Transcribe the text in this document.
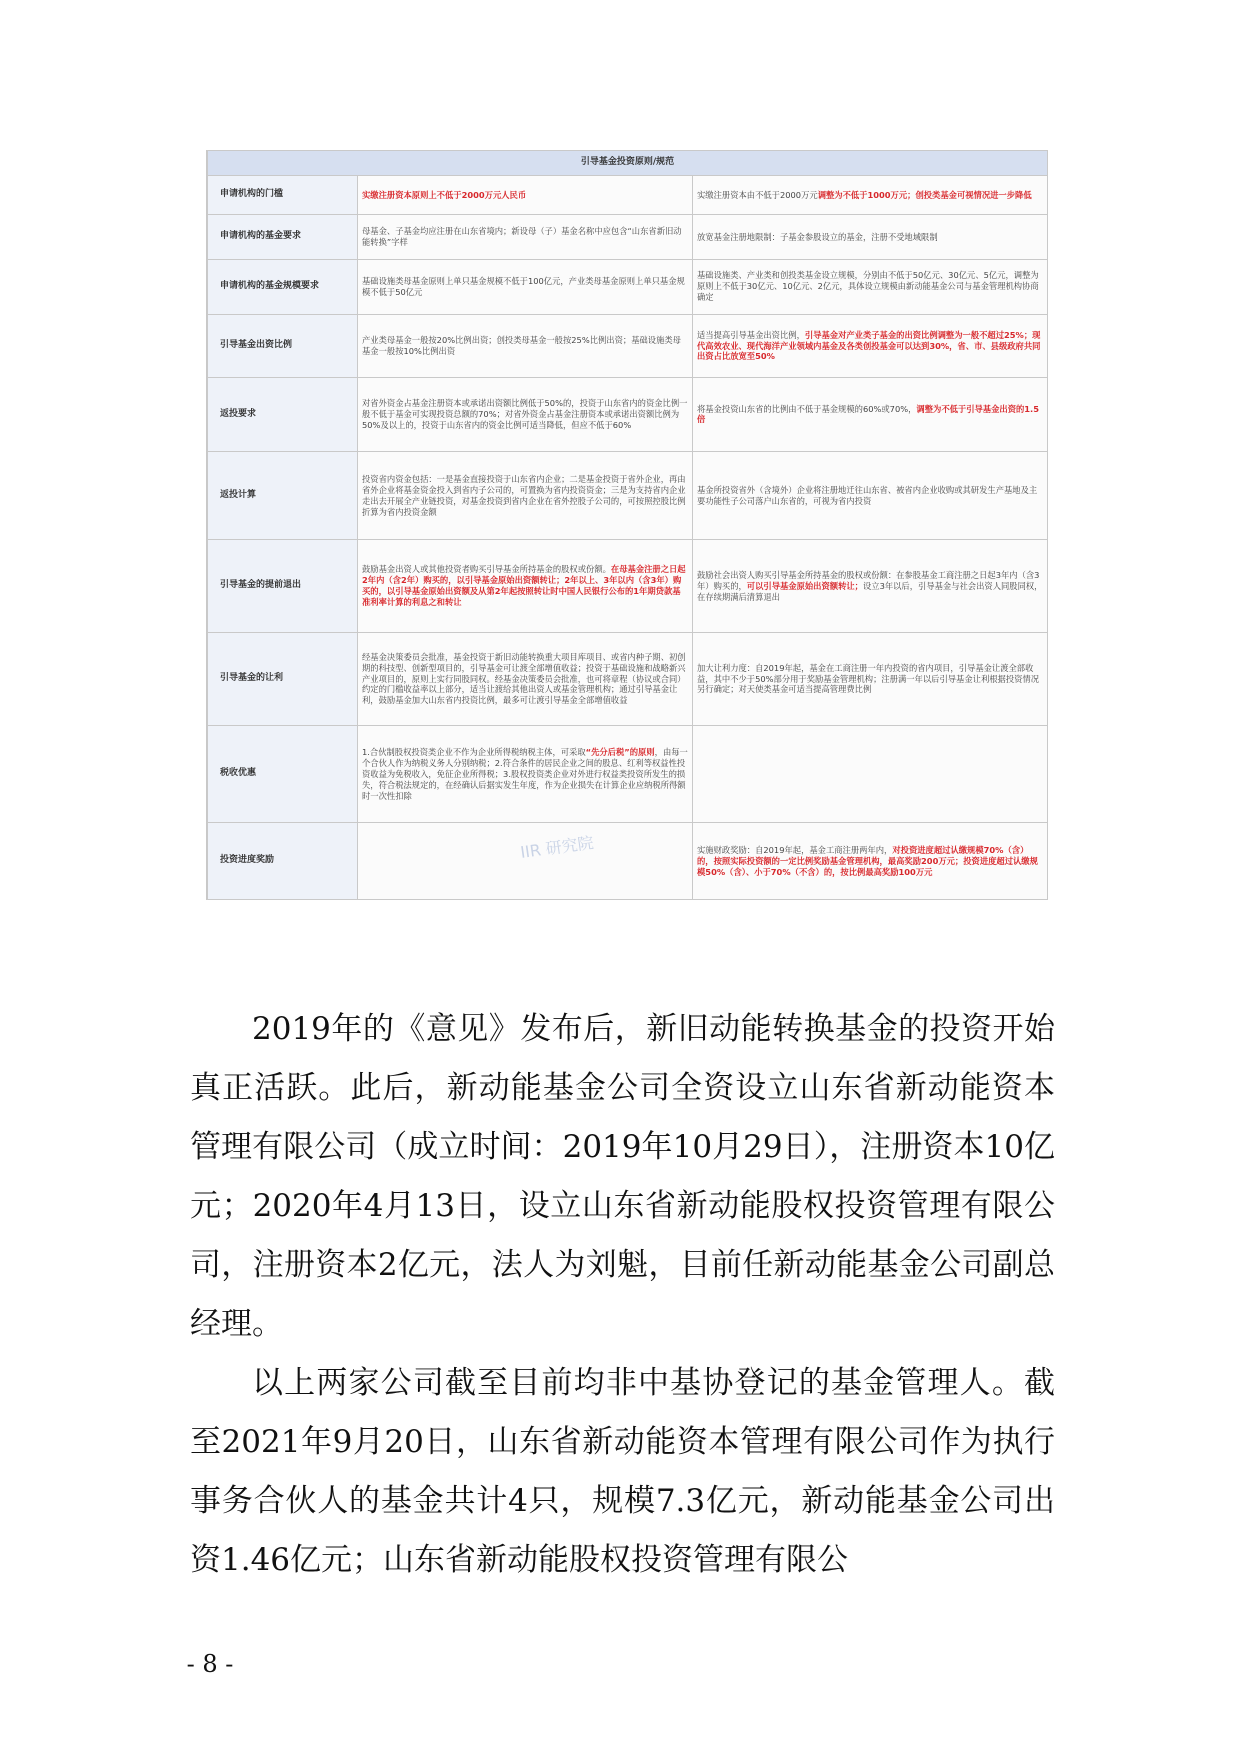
引导基金投资原则/规范		
申请机构的门槛	实缴注册资本原则上不低于2000万元人民币	实缴注册资本由不低于2000万元调整为不低于1000万元；创投类基金可视情况进一步降低

申请机构的基金要求	母基金、子基金均应注册在山东省境内；新设母（子）基金名称中应包含“山东省新旧动能转换”字样	放宽基金注册地限制：子基金参股设立的基金，注册不受地域限制

申请机构的基金规模要求	基础设施类母基金原则上单只基金规模不低于100亿元，产业类母基金原则上单只基金规模不低于50亿元	基础设施类、产业类和创投类基金设立规模，分别由不低于50亿元、30亿元、5亿元，调整为原则上不低于30亿元、10亿元、2亿元，具体设立规模由新动能基金公司与基金管理机构协商确定

引导基金出资比例	产业类母基金一般按20%比例出资；创投类母基金一般按25%比例出资；基础设施类母基金一般按10%比例出资	适当提高引导基金出资比例，引导基金对产业类子基金的出资比例调整为一般不超过25%；现代高效农业、现代海洋产业领域内基金及各类创投基金可以达到30%，省、市、县级政府共同出资占比放宽至50%

返投要求	对省外资金占基金注册资本或承诺出资额比例低于50%的，投资于山东省内的资金比例一般不低于基金可实现投资总额的70%；对省外资金占基金注册资本或承诺出资额比例为50%及以上的，投资于山东省内的资金比例可适当降低，但应不低于60%	将基金投资山东省的比例由不低于基金规模的60%或70%，调整为不低于引导基金出资的1.5倍

返投计算	投资省内资金包括：一是基金直接投资于山东省内企业；二是基金投资于省外企业，再由省外企业将基金资金投入到省内子公司的，可置换为省内投资资金；三是为支持省内企业走出去开展全产业链投资，对基金投资到省内企业在省外控股子公司的，可按照控股比例折算为省内投资金额	基金所投资省外（含境外）企业将注册地迁往山东省、被省内企业收购或其研发生产基地及主要功能性子公司落户山东省的，可视为省内投资

引导基金的提前退出	鼓励基金出资人或其他投资者购买引导基金所持基金的股权或份额。在母基金注册之日起2年内（含2年）购买的，以引导基金原始出资额转让；2年以上、3年以内（含3年）购买的，以引导基金原始出资额及从第2年起按照转让时中国人民银行公布的1年期贷款基准利率计算的利息之和转让	鼓励社会出资人购买引导基金所持基金的股权或份额：在参股基金工商注册之日起3年内（含3年）购买的，可以引导基金原始出资额转让；设立3年以后，引导基金与社会出资人同股同权，在存续期满后清算退出

引导基金的让利	经基金决策委员会批准，基金投资于新旧动能转换重大项目库项目、或省内种子期、初创期的科技型、创新型项目的，引导基金可让渡全部增值收益；投资于基础设施和战略新兴产业项目的，原则上实行同股同权。经基金决策委员会批准，也可将章程（协议或合同）约定的门槛收益率以上部分，适当让渡给其他出资人或基金管理机构；通过引导基金让利，鼓励基金加大山东省内投资比例，最多可让渡引导基金全部增值收益	加大让利力度：自2019年起，基金在工商注册一年内投资的省内项目，引导基金让渡全部收益，其中不少于50%部分用于奖励基金管理机构；注册满一年以后引导基金让利根据投资情况另行确定；对天使类基金可适当提高管理费比例

税收优惠	1.合伙制股权投资类企业不作为企业所得税纳税主体，可采取“先分后税”的原则，由每一个合伙人作为纳税义务人分别纳税；2.符合条件的居民企业之间的股息、红利等权益性投资收益为免税收入，免征企业所得税；3.股权投资类企业对外进行权益类投资所发生的损失，符合税法规定的，在经确认后据实发生年度，作为企业损失在计算企业应纳税所得额时一次性扣除	

投资进度奖励		实施财政奖励：自2019年起，基金工商注册两年内，对投资进度超过认缴规模70%（含）的，按照实际投资额的一定比例奖励基金管理机构，最高奖励200万元；投资进度超过认缴规模50%（含）、小于70%（不含）的，按比例最高奖励100万元

IIR 研究院

2019年的《意见》发布后，新旧动能转换基金的投资开始真正活跃。此后，新动能基金公司全资设立山东省新动能资本管理有限公司（成立时间：2019年10月29日），注册资本10亿元；2020年4月13日，设立山东省新动能股权投资管理有限公司，注册资本2亿元，法人为刘魁，目前任新动能基金公司副总经理。

以上两家公司截至目前均非中基协登记的基金管理人。截至2021年9月20日，山东省新动能资本管理有限公司作为执行事务合伙人的基金共计4只，规模7.3亿元，新动能基金公司出资1.46亿元；山东省新动能股权投资管理有限公

- 8 -
